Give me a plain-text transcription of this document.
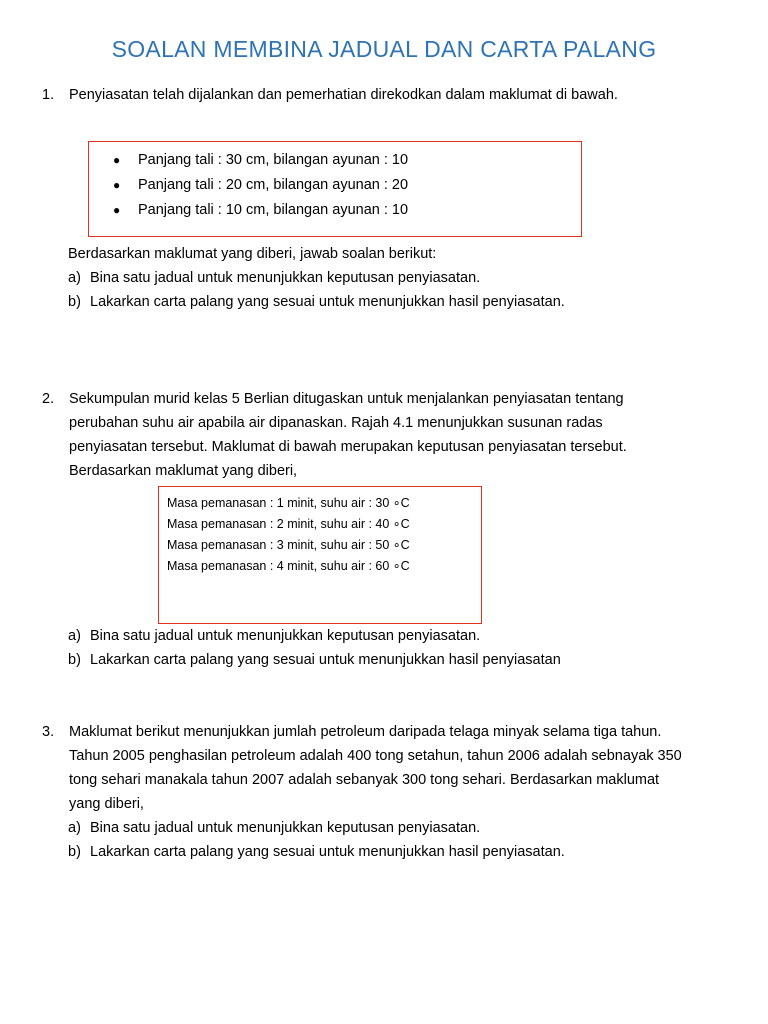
SOALAN MEMBINA JADUAL DAN CARTA PALANG
1. Penyiasatan telah dijalankan dan pemerhatian direkodkan dalam maklumat di bawah.
● Panjang tali : 30 cm, bilangan ayunan : 10
● Panjang tali : 20 cm, bilangan ayunan : 20
● Panjang tali : 10 cm, bilangan ayunan : 10
Berdasarkan maklumat yang diberi, jawab soalan berikut:
a) Bina satu jadual untuk menunjukkan keputusan penyiasatan.
b) Lakarkan carta palang yang sesuai untuk menunjukkan hasil penyiasatan.
2. Sekumpulan murid kelas 5 Berlian ditugaskan untuk menjalankan penyiasatan tentang perubahan suhu air apabila air dipanaskan. Rajah 4.1 menunjukkan susunan radas penyiasatan tersebut. Maklumat di bawah merupakan keputusan penyiasatan tersebut. Berdasarkan maklumat yang diberi,
Masa pemanasan : 1 minit, suhu air : 30 ∘C
Masa pemanasan : 2 minit, suhu air : 40 ∘C
Masa pemanasan : 3 minit, suhu air : 50 ∘C
Masa pemanasan : 4 minit, suhu air : 60 ∘C
a) Bina satu jadual untuk menunjukkan keputusan penyiasatan.
b) Lakarkan carta palang yang sesuai untuk menunjukkan hasil penyiasatan
3. Maklumat berikut menunjukkan jumlah petroleum daripada telaga minyak selama tiga tahun. Tahun 2005 penghasilan petroleum adalah 400 tong setahun, tahun 2006 adalah sebnayak 350 tong sehari manakala tahun 2007 adalah sebanyak 300 tong sehari. Berdasarkan maklumat yang diberi,
a) Bina satu jadual untuk menunjukkan keputusan penyiasatan.
b) Lakarkan carta palang yang sesuai untuk menunjukkan hasil penyiasatan.
